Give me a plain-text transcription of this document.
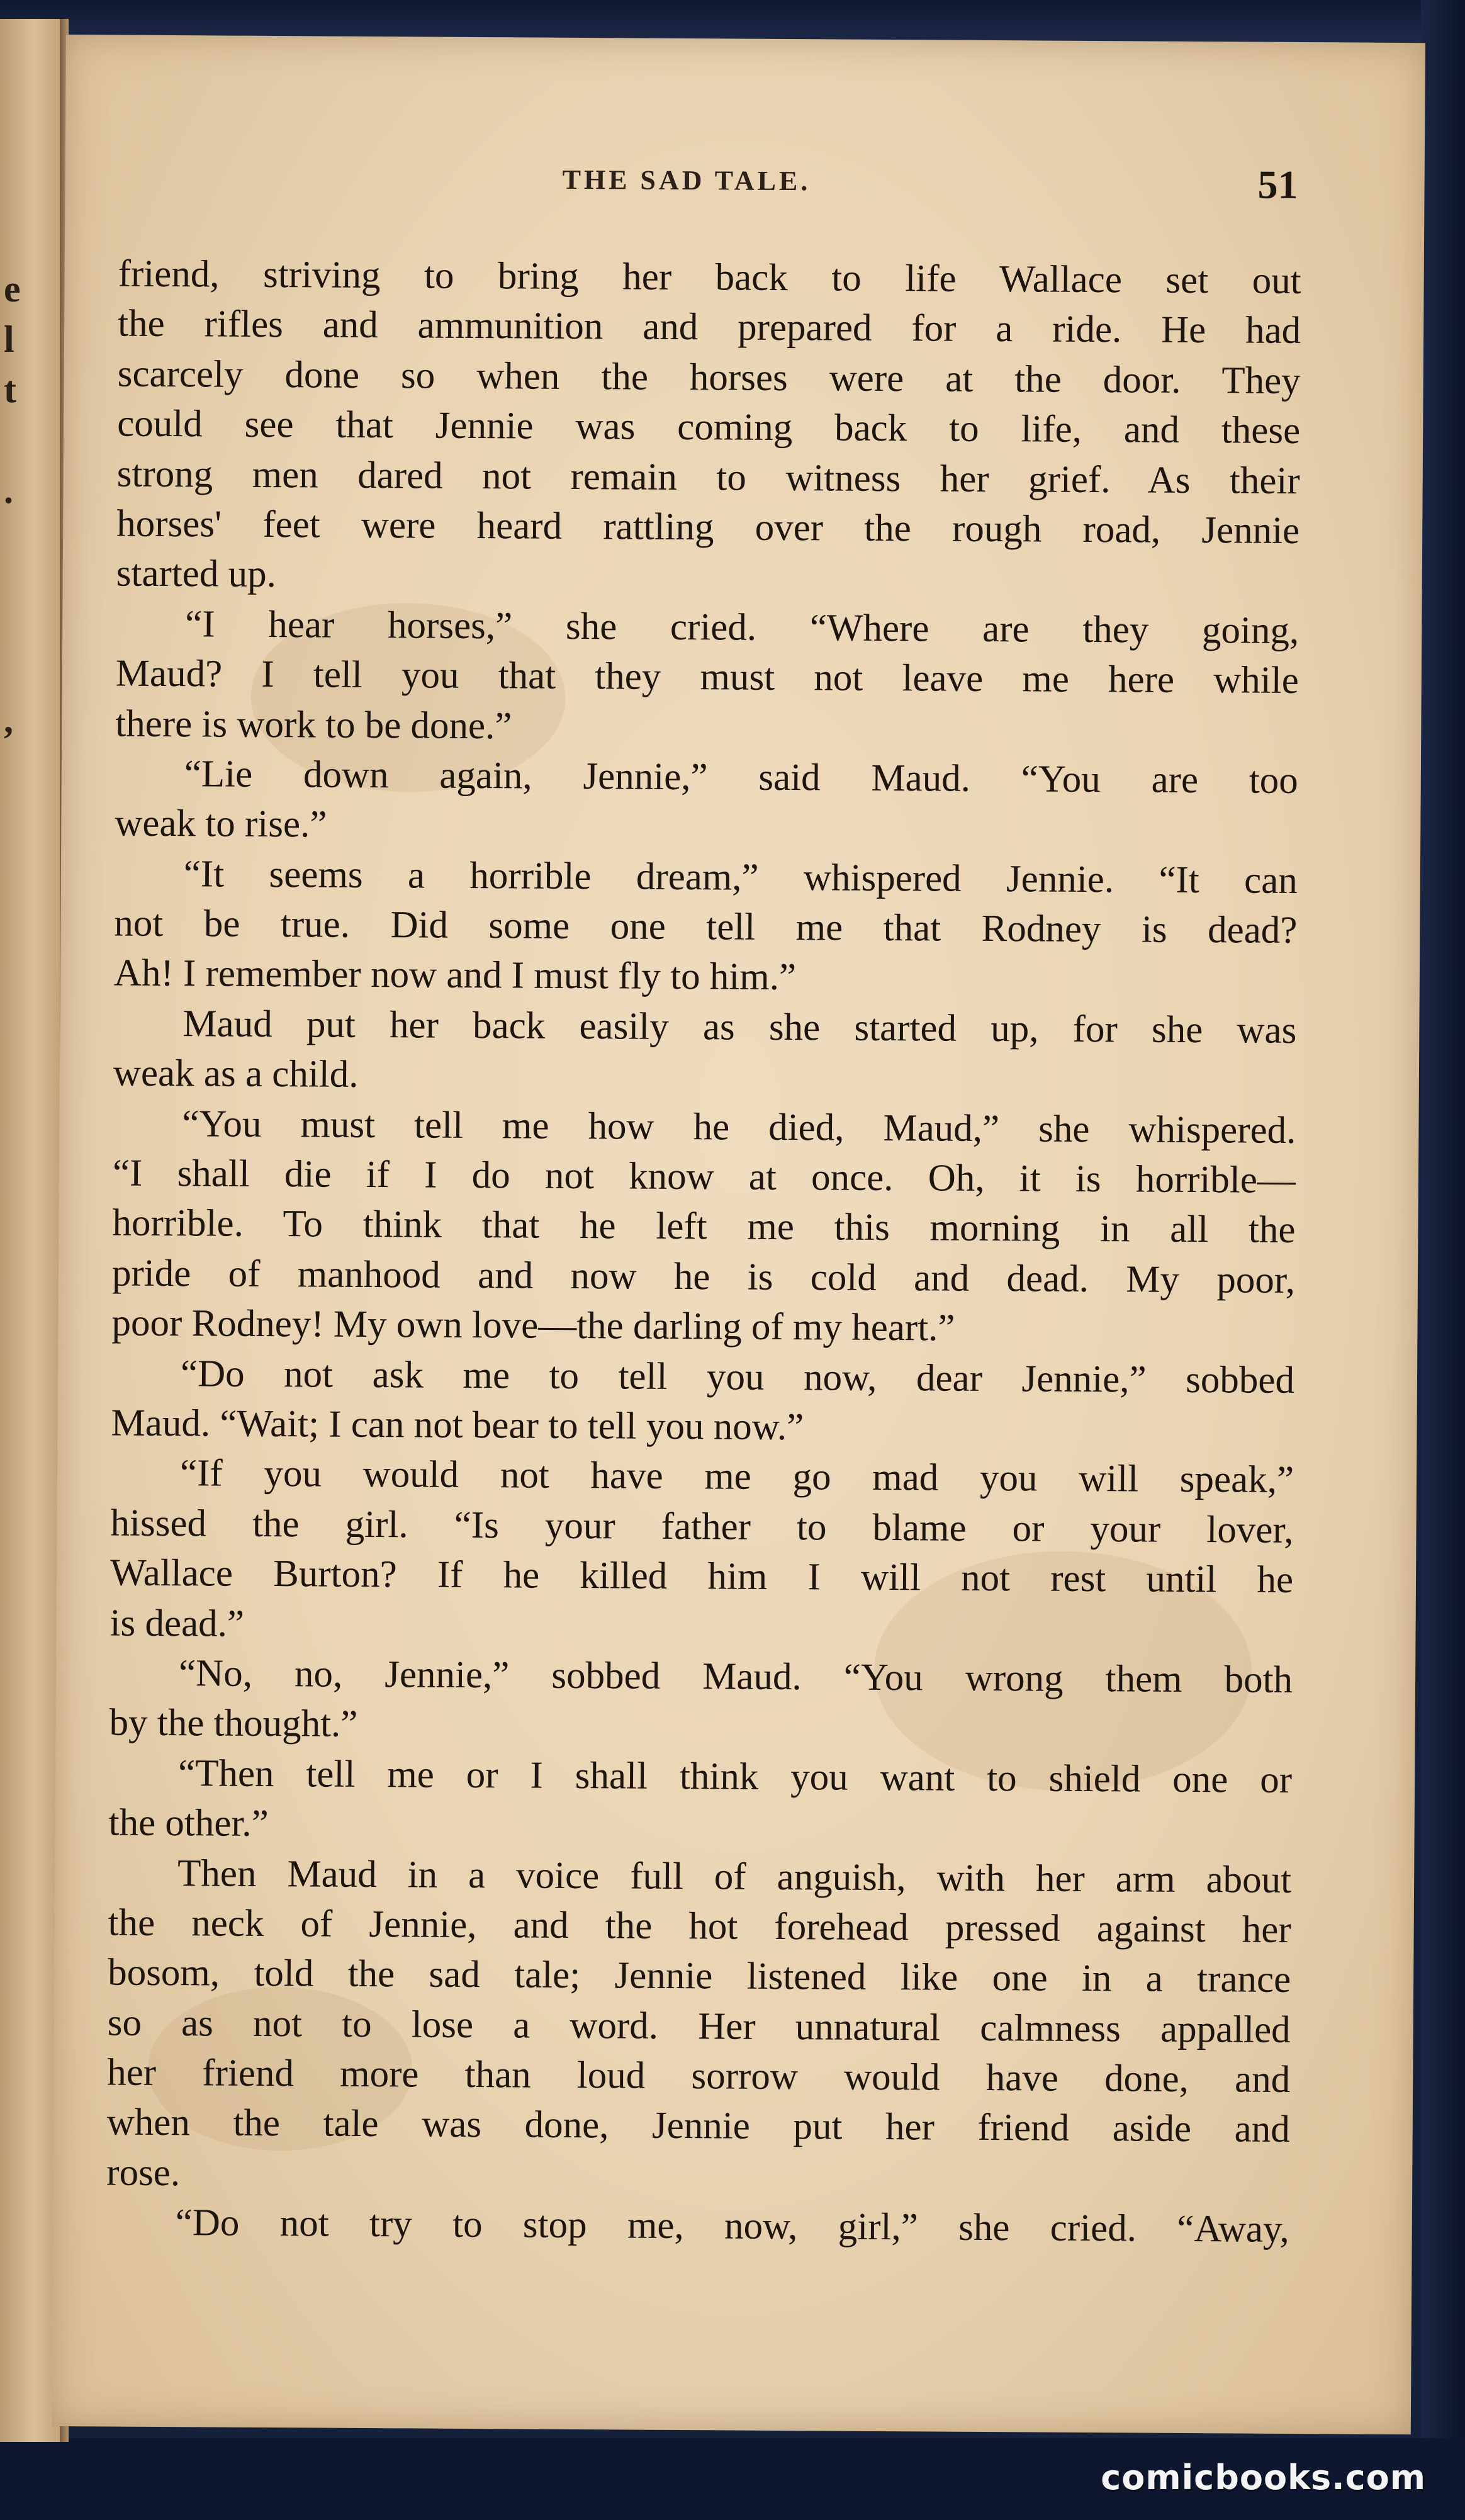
e
l
t
.
,
THE SAD TALE.	51
friend, striving to bring her back to life Wallace set out
the rifles and ammunition and prepared for a ride. He had
scarcely done so when the horses were at the door. They
could see that Jennie was coming back to life, and these
strong men dared not remain to witness her grief. As their
horses' feet were heard rattling over the rough road, Jennie
started up.
“I hear horses,” she cried. “Where are they going,
Maud? I tell you that they must not leave me here while
there is work to be done.”
“Lie down again, Jennie,” said Maud. “You are too
weak to rise.”
“It seems a horrible dream,” whispered Jennie. “It can
not be true. Did some one tell me that Rodney is dead?
Ah! I remember now and I must fly to him.”
Maud put her back easily as she started up, for she was
weak as a child.
“You must tell me how he died, Maud,” she whispered.
“I shall die if I do not know at once. Oh, it is horrible—
horrible. To think that he left me this morning in all the
pride of manhood and now he is cold and dead. My poor,
poor Rodney! My own love—the darling of my heart.”
“Do not ask me to tell you now, dear Jennie,” sobbed
Maud. “Wait; I can not bear to tell you now.”
“If you would not have me go mad you will speak,”
hissed the girl. “Is your father to blame or your lover,
Wallace Burton? If he killed him I will not rest until he
is dead.”
“No, no, Jennie,” sobbed Maud. “You wrong them both
by the thought.”
“Then tell me or I shall think you want to shield one or
the other.”
Then Maud in a voice full of anguish, with her arm about
the neck of Jennie, and the hot forehead pressed against her
bosom, told the sad tale; Jennie listened like one in a trance
so as not to lose a word. Her unnatural calmness appalled
her friend more than loud sorrow would have done, and
when the tale was done, Jennie put her friend aside and
rose.
“Do not try to stop me, now, girl,” she cried. “Away,
comicbooks.com
